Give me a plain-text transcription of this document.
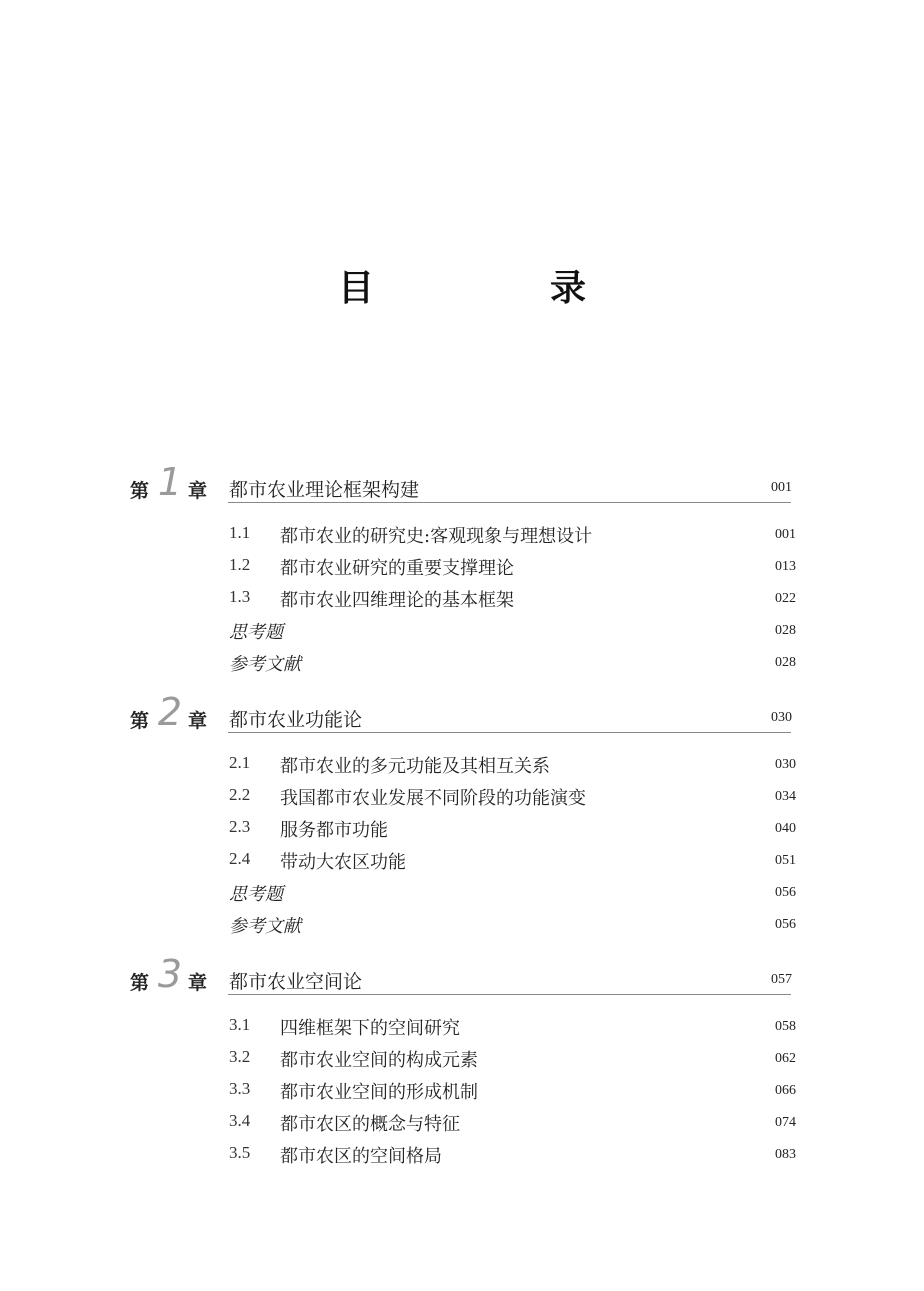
目　录
第 1 章 都市农业理论框架构建	001
1.1 都市农业的研究史:客观现象与理想设计	001
1.2 都市农业研究的重要支撑理论	013
1.3 都市农业四维理论的基本框架	022
思考题	028
参考文献	028
第 2 章 都市农业功能论	030
2.1 都市农业的多元功能及其相互关系	030
2.2 我国都市农业发展不同阶段的功能演变	034
2.3 服务都市功能	040
2.4 带动大农区功能	051
思考题	056
参考文献	056
第 3 章 都市农业空间论	057
3.1 四维框架下的空间研究	058
3.2 都市农业空间的构成元素	062
3.3 都市农业空间的形成机制	066
3.4 都市农区的概念与特征	074
3.5 都市农区的空间格局	083
